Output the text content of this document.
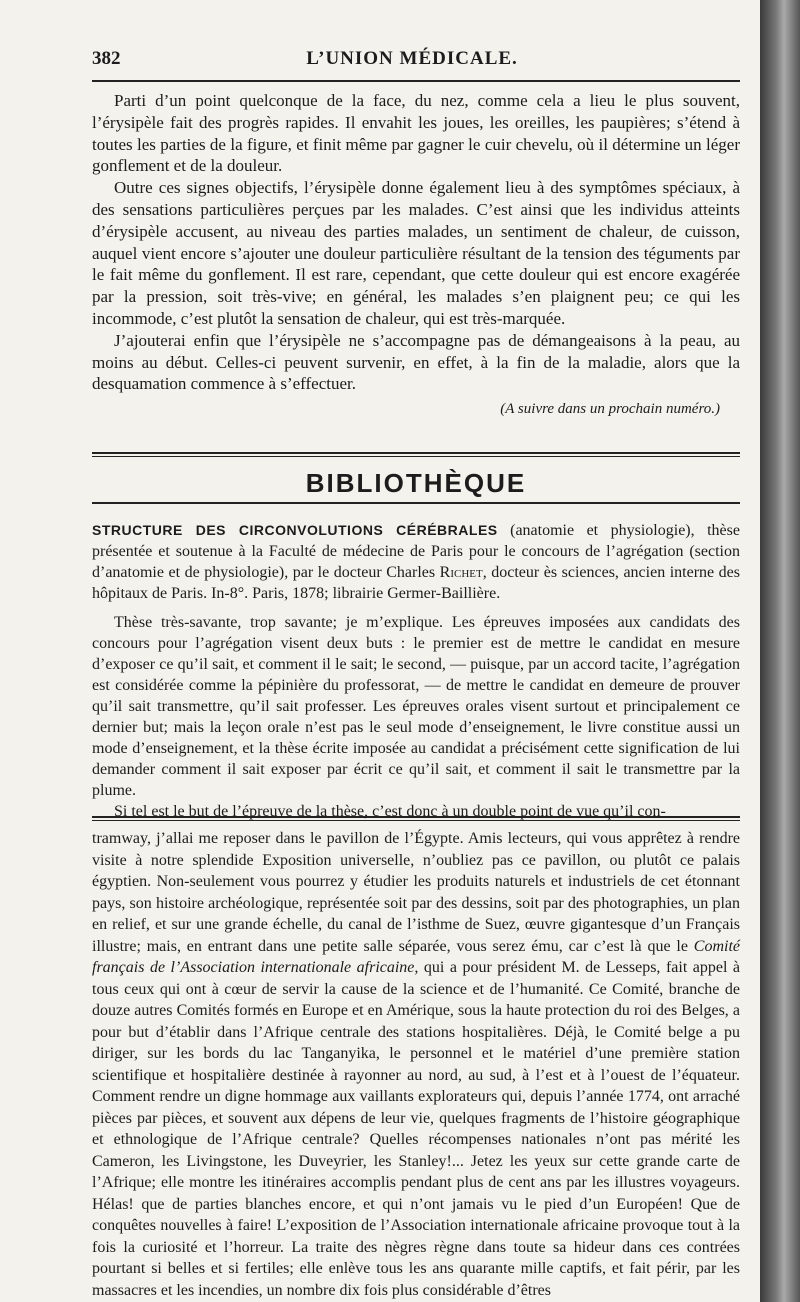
382	L’UNION MÉDICALE.

Parti d’un point quelconque de la face, du nez, comme cela a lieu le plus souvent, l’érysipèle fait des progrès rapides. Il envahit les joues, les oreilles, les paupières; s’étend à toutes les parties de la figure, et finit même par gagner le cuir chevelu, où il détermine un léger gonflement et de la douleur.

Outre ces signes objectifs, l’érysipèle donne également lieu à des symptômes spéciaux, à des sensations particulières perçues par les malades. C’est ainsi que les individus atteints d’érysipèle accusent, au niveau des parties malades, un sentiment de chaleur, de cuisson, auquel vient encore s’ajouter une douleur particulière résultant de la tension des téguments par le fait même du gonflement. Il est rare, cependant, que cette douleur qui est encore exagérée par la pression, soit très-vive; en général, les malades s’en plaignent peu; ce qui les incommode, c’est plutôt la sensation de chaleur, qui est très-marquée.

J’ajouterai enfin que l’érysipèle ne s’accompagne pas de démangeaisons à la peau, au moins au début. Celles-ci peuvent survenir, en effet, à la fin de la maladie, alors que la desquamation commence à s’effectuer.

(A suivre dans un prochain numéro.)
BIBLIOTHÈQUE

STRUCTURE DES CIRCONVOLUTIONS CÉRÉBRALES (anatomie et physiologie), thèse présentée et soutenue à la Faculté de médecine de Paris pour le concours de l’agrégation (section d’anatomie et de physiologie), par le docteur Charles Richet, docteur ès sciences, ancien interne des hôpitaux de Paris. In-8°. Paris, 1878; librairie Germer-Baillière.

Thèse très-savante, trop savante; je m’explique. Les épreuves imposées aux candidats des concours pour l’agrégation visent deux buts : le premier est de mettre le candidat en mesure d’exposer ce qu’il sait, et comment il le sait; le second, — puisque, par un accord tacite, l’agrégation est considérée comme la pépinière du professorat, — de mettre le candidat en demeure de prouver qu’il sait transmettre, qu’il sait professer. Les épreuves orales visent surtout et principalement ce dernier but; mais la leçon orale n’est pas le seul mode d’enseignement, le livre constitue aussi un mode d’enseignement, et la thèse écrite imposée au candidat a précisément cette signification de lui demander comment il sait exposer par écrit ce qu’il sait, et comment il sait le transmettre par la plume.

Si tel est le but de l’épreuve de la thèse, c’est donc à un double point de vue qu’il con-

tramway, j’allai me reposer dans le pavillon de l’Égypte. Amis lecteurs, qui vous apprêtez à rendre visite à notre splendide Exposition universelle, n’oubliez pas ce pavillon, ou plutôt ce palais égyptien. Non-seulement vous pourrez y étudier les produits naturels et industriels de cet étonnant pays, son histoire archéologique, représentée soit par des dessins, soit par des photographies, un plan en relief, et sur une grande échelle, du canal de l’isthme de Suez, œuvre gigantesque d’un Français illustre; mais, en entrant dans une petite salle séparée, vous serez ému, car c’est là que le Comité français de l’Association internationale africaine, qui a pour président M. de Lesseps, fait appel à tous ceux qui ont à cœur de servir la cause de la science et de l’humanité. Ce Comité, branche de douze autres Comités formés en Europe et en Amérique, sous la haute protection du roi des Belges, a pour but d’établir dans l’Afrique centrale des stations hospitalières. Déjà, le Comité belge a pu diriger, sur les bords du lac Tanganyika, le personnel et le matériel d’une première station scientifique et hospitalière destinée à rayonner au nord, au sud, à l’est et à l’ouest de l’équateur. Comment rendre un digne hommage aux vaillants explorateurs qui, depuis l’année 1774, ont arraché pièces par pièces, et souvent aux dépens de leur vie, quelques fragments de l’histoire géographique et ethnologique de l’Afrique centrale? Quelles récompenses nationales n’ont pas mérité les Cameron, les Livingstone, les Duveyrier, les Stanley!... Jetez les yeux sur cette grande carte de l’Afrique; elle montre les itinéraires accomplis pendant plus de cent ans par les illustres voyageurs. Hélas! que de parties blanches encore, et qui n’ont jamais vu le pied d’un Européen! Que de conquêtes nouvelles à faire! L’exposition de l’Association internationale africaine provoque tout à la fois la curiosité et l’horreur. La traite des nègres règne dans toute sa hideur dans ces contrées pourtant si belles et si fertiles; elle enlève tous les ans quarante mille captifs, et fait périr, par les massacres et les incendies, un nombre dix fois plus considérable d’êtres
